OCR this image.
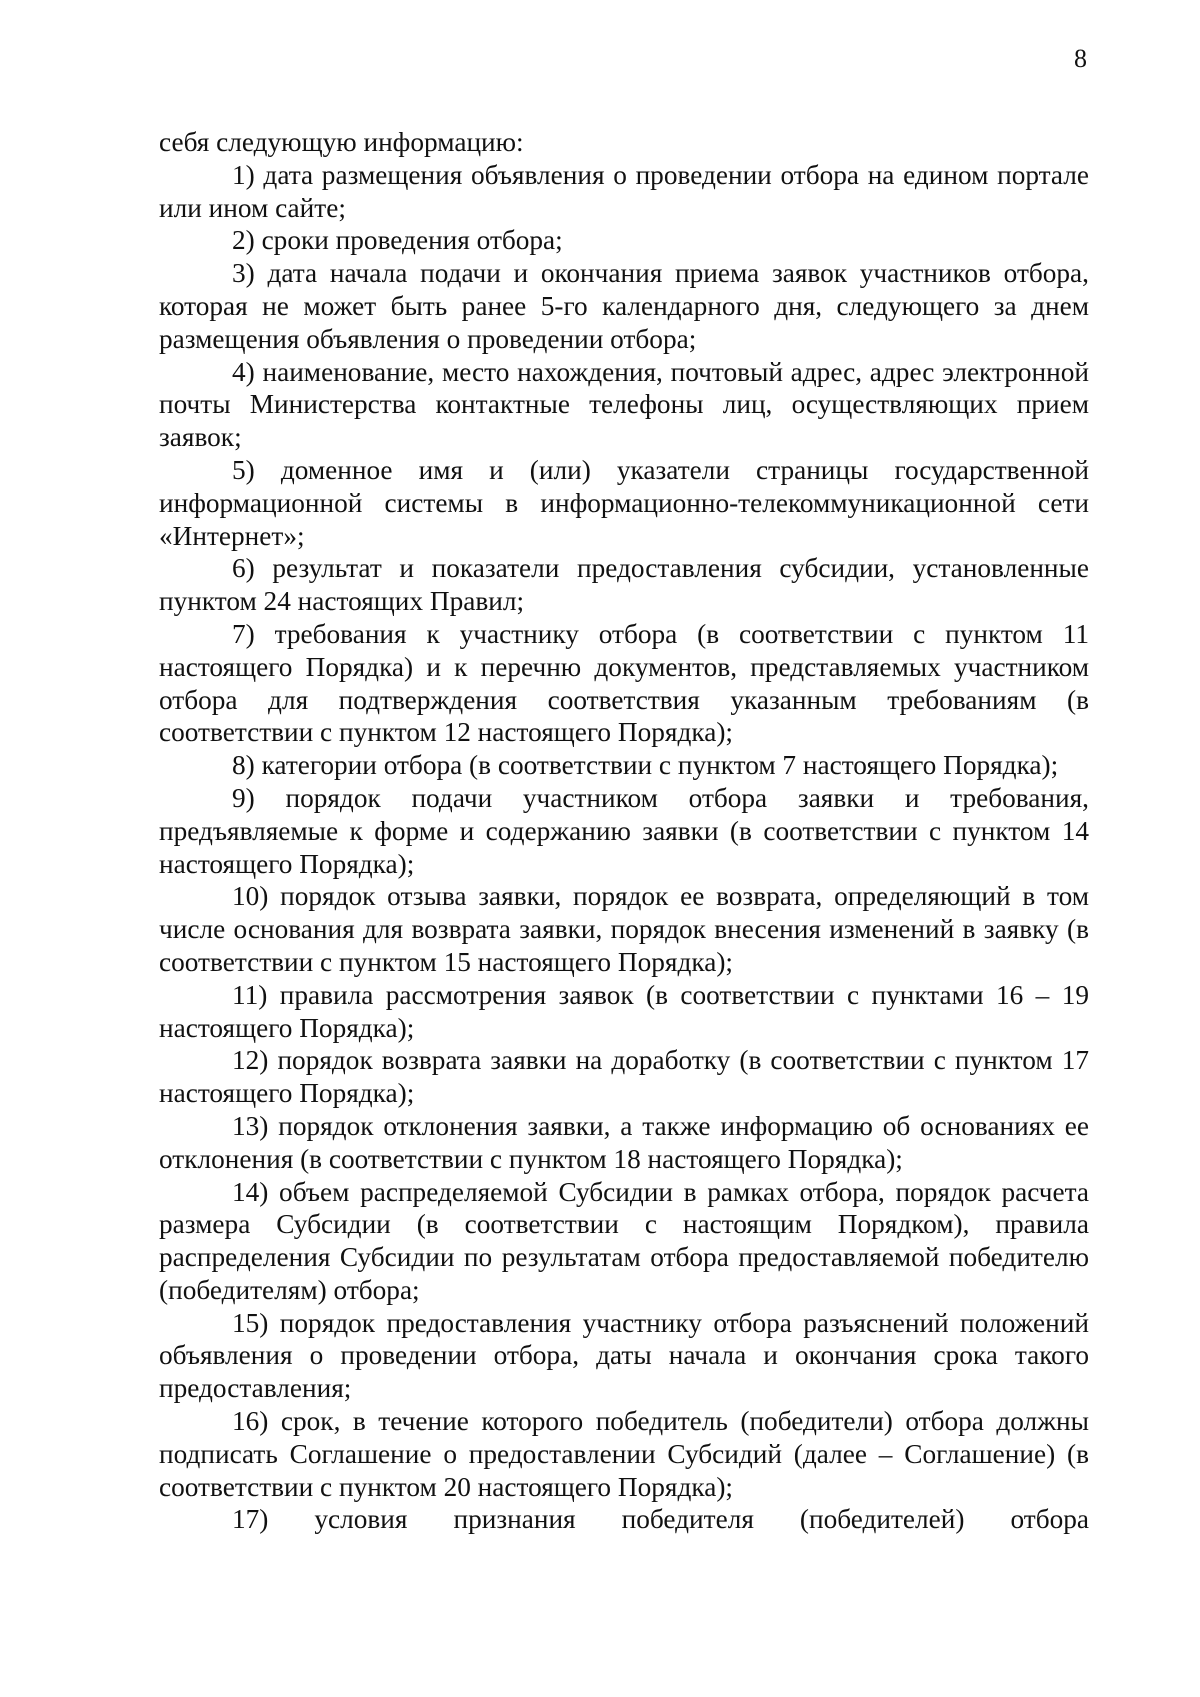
8

себя следующую информацию:

1) дата размещения объявления о проведении отбора на едином портале или ином сайте;

2) сроки проведения отбора;

3) дата начала подачи и окончания приема заявок участников отбора, которая не может быть ранее 5-го календарного дня, следующего за днем размещения объявления о проведении отбора;

4) наименование, место нахождения, почтовый адрес, адрес электронной почты Министерства контактные телефоны лиц, осуществляющих прием заявок;

5) доменное имя и (или) указатели страницы государственной информационной системы в информационно-телекоммуникационной сети «Интернет»;

6) результат и показатели предоставления субсидии, установленные пунктом 24 настоящих Правил;

7) требования к участнику отбора (в соответствии с пунктом 11 настоящего Порядка) и к перечню документов, представляемых участником отбора для подтверждения соответствия указанным требованиям (в соответствии с пунктом 12 настоящего Порядка);

8) категории отбора (в соответствии с пунктом 7 настоящего Порядка);

9) порядок подачи участником отбора заявки и требования, предъявляемые к форме и содержанию заявки (в соответствии с пунктом 14 настоящего Порядка);

10) порядок отзыва заявки, порядок ее возврата, определяющий в том числе основания для возврата заявки, порядок внесения изменений в заявку (в соответствии с пунктом 15 настоящего Порядка);

11) правила рассмотрения заявок (в соответствии с пунктами 16 – 19 настоящего Порядка);

12) порядок возврата заявки на доработку (в соответствии с пунктом 17 настоящего Порядка);

13) порядок отклонения заявки, а также информацию об основаниях ее отклонения (в соответствии с пунктом 18 настоящего Порядка);

14) объем распределяемой Субсидии в рамках отбора, порядок расчета размера Субсидии (в соответствии с настоящим Порядком), правила распределения Субсидии по результатам отбора предоставляемой победителю (победителям) отбора;

15) порядок предоставления участнику отбора разъяснений положений объявления о проведении отбора, даты начала и окончания срока такого предоставления;

16) срок, в течение которого победитель (победители) отбора должны подписать Соглашение о предоставлении Субсидий (далее – Соглашение) (в соответствии с пунктом 20 настоящего Порядка);

17) условия признания победителя (победителей) отбора
